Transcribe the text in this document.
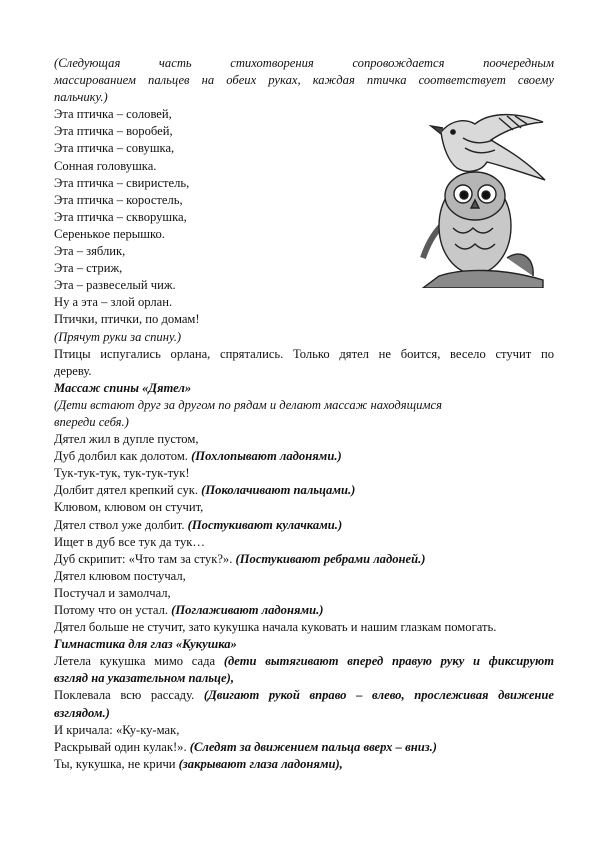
(Следующая часть стихотворения сопровождается поочередным
массированием пальцев на обеих руках, каждая птичка соответствует своему
пальчику.)
Эта птичка – соловей,
Эта птичка – воробей,
Эта птичка – совушка,
Сонная головушка.
Эта птичка – свиристель,
Эта птичка – коростель,
Эта птичка – скворушка,
Серенькое перышко.
Эта – зяблик,
Эта – стриж,
Эта – развеселый чиж.
Ну а эта – злой орлан.
Птички, птички, по домам!
(Прячут руки за спину.)
Птицы испугались орлана, спрятались. Только дятел не боится, весело стучит по
дереву.
Массаж спины «Дятел»
(Дети встают друг за другом по рядам и делают массаж находящимся
впереди себя.)
Дятел жил в дупле пустом,
Дуб долбил как долотом. (Похлопывают ладонями.)
Тук-тук-тук, тук-тук-тук!
Долбит дятел крепкий сук. (Поколачивают пальцами.)
Клювом, клювом он стучит,
Дятел ствол уже долбит. (Постукивают кулачками.)
Ищет в дуб все тук да тук…
Дуб скрипит: «Что там за стук?». (Постукивают ребрами ладоней.)
Дятел клювом постучал,
Постучал и замолчал,
Потому что он устал. (Поглаживают ладонями.)
Дятел больше не стучит, зато кукушка начала куковать и нашим глазкам помогать.
Гимнастика для глаз «Кукушка»
Летела кукушка мимо сада (дети вытягивают вперед правую руку и фиксируют
взгляд на указательном пальце),
Поклевала всю рассаду. (Двигают рукой вправо – влево, прослеживая движение
взглядом.)
И кричала: «Ку-ку-мак,
Раскрывай один кулак!». (Следят за движением пальца вверх – вниз.)
Ты, кукушка, не кричи (закрывают глаза ладонями),
